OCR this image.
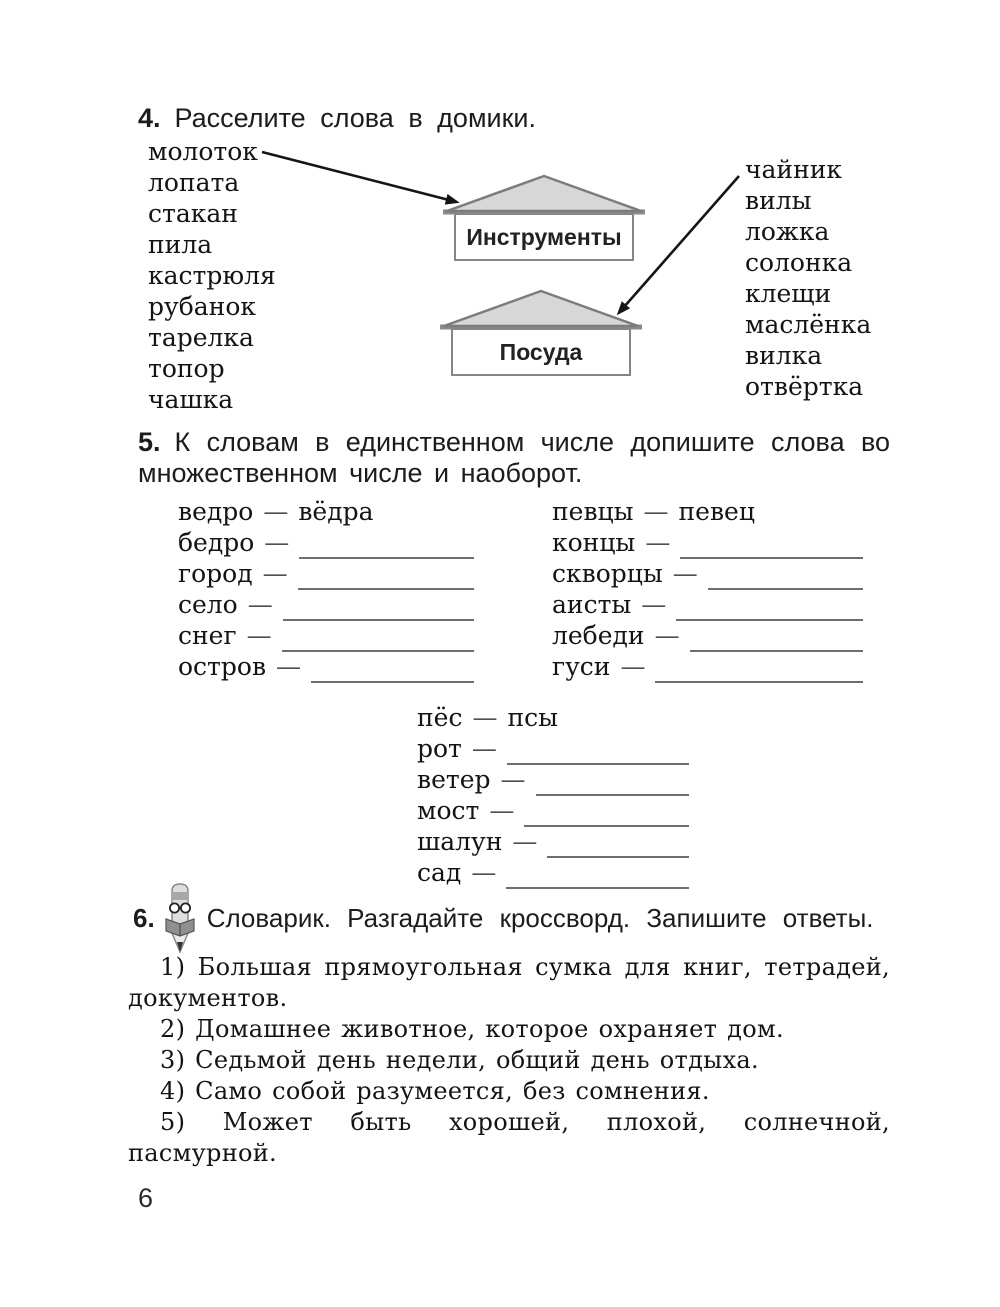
4. Расселите слова в домики.
молоток
лопата
стакан
пила
кастрюля
рубанок
тарелка
топор
чашка
чайник
вилы
ложка
солонка
клещи
маслёнка
вилка
отвёртка
Инструменты
Посуда
5. К словам в единственном числе допишите слова во множественном числе и наоборот.
ведро — вёдра
бедро —
​
город —
​
село —
​
снег —
​
остров —
​
певцы — певец
концы —
​
скворцы —
​
аисты —
​
лебеди —
​
гуси —
​
пёс — псы
рот —
​
ветер —
​
мост —
​
шалун —
​
сад —
​
6. Словарик. Разгадайте кроссворд. Запишите ответы.

1) Большая прямоугольная сумка для книг, тетрадей, документов.

2) Домашнее животное, которое охраняет дом.

3) Седьмой день недели, общий день отдыха.

4) Само собой разумеется, без сомнения.

5) Может быть хорошей, плохой, солнечной, пасмурной.

6
